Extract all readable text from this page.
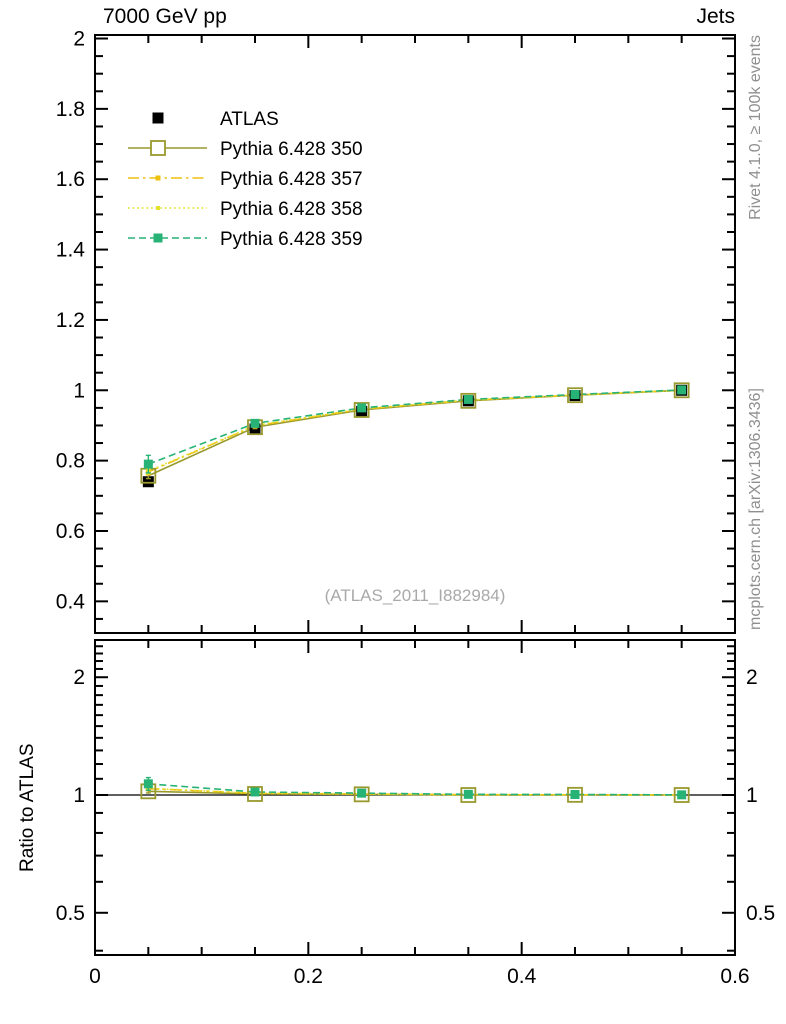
7000 GeV pp	Jets
0.4
0.6
0.8
1
1.2
1.4
1.6
1.8
2
ATLAS
Pythia 6.428 350
Pythia 6.428 357
Pythia 6.428 358
Pythia 6.428 359
0.5	0.5
1	1
2	2
0	0.2	0.4	0.6
(ATLAS_2011_I882984)
Rivet 4.1.0, ≥ 100k events
mcplots.cern.ch [arXiv:1306.3436]
Ratio to ATLAS
